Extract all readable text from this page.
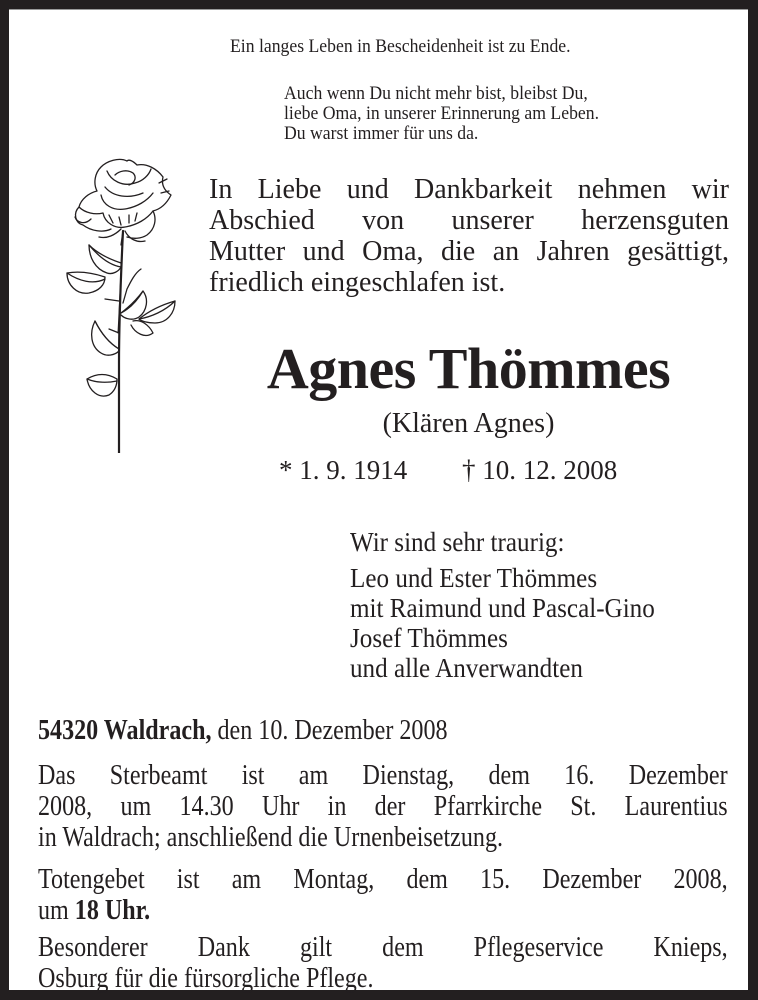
Ein langes Leben in Bescheidenheit ist zu Ende.
Auch wenn Du nicht mehr bist, bleibst Du,
liebe Oma, in unserer Erinnerung am Leben.
Du warst immer für uns da.
In Liebe und Dankbarkeit nehmen wir
Abschied von unserer herzensguten
Mutter und Oma, die an Jahren gesättigt,
friedlich eingeschlafen ist.
Agnes Thömmes
(Klären Agnes)
* 1. 9. 1914 † 10. 12. 2008
Wir sind sehr traurig:
Leo und Ester Thömmes
mit Raimund und Pascal-Gino
Josef Thömmes
und alle Anverwandten
54320 Waldrach, den 10. Dezember 2008
Das Sterbeamt ist am Dienstag, dem 16. Dezember
2008, um 14.30 Uhr in der Pfarrkirche St. Laurentius
in Waldrach; anschließend die Urnenbeisetzung.
Totengebet ist am Montag, dem 15. Dezember 2008,
um 18 Uhr.
Besonderer Dank gilt dem Pflegeservice Knieps,
Osburg für die fürsorgliche Pflege.
